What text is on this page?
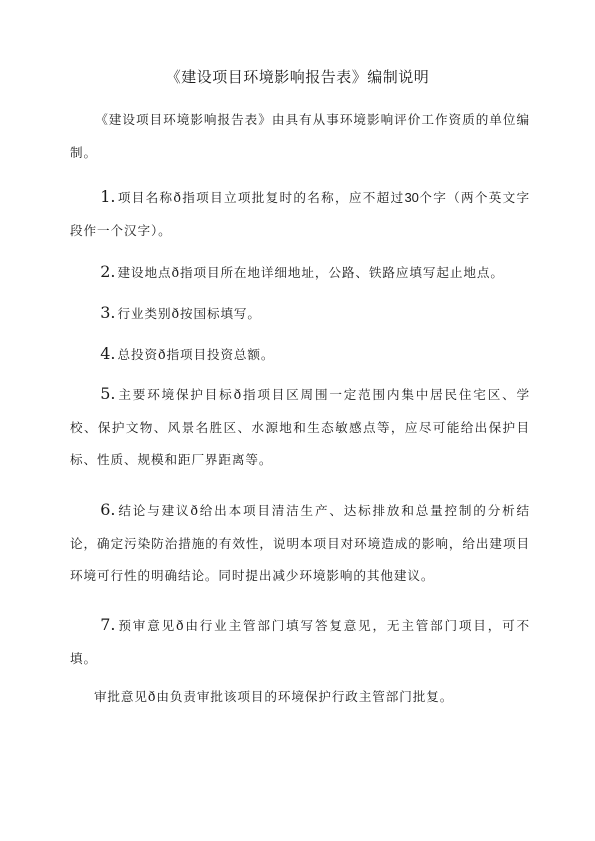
《建设项目环境影响报告表》编制说明
《建设项目环境影响报告表》由具有从事环境影响评价工作资质的单位编制。
1. 项目名称ð指项目立项批复时的名称，应不超过30个字（两个英文字段作一个汉字）。
2. 建设地点ð指项目所在地详细地址，公路、铁路应填写起止地点。
3. 行业类别ð按国标填写。
4. 总投资ð指项目投资总额。
5. 主要环境保护目标ð指项目区周围一定范围内集中居民住宅区、学校、保护文物、风景名胜区、水源地和生态敏感点等，应尽可能给出保护目标、性质、规模和距厂界距离等。
6. 结论与建议ð给出本项目清洁生产、达标排放和总量控制的分析结论，确定污染防治措施的有效性，说明本项目对环境造成的影响，给出建项目环境可行性的明确结论。同时提出减少环境影响的其他建议。
7. 预审意见ð由行业主管部门填写答复意见，无主管部门项目，可不填。
审批意见ð由负责审批该项目的环境保护行政主管部门批复。
